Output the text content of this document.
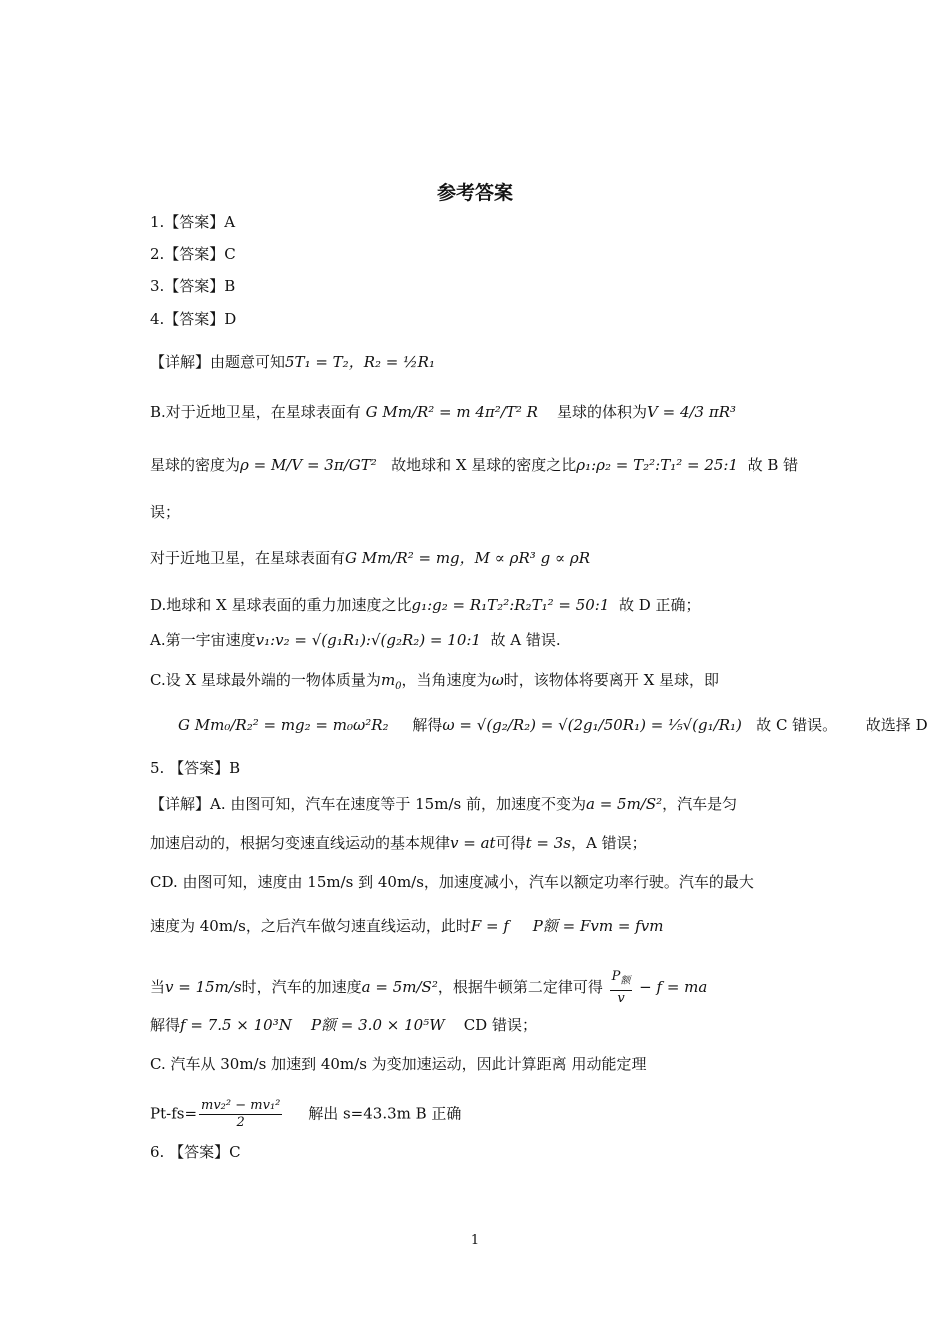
参考答案
1.【答案】A
2.【答案】C
3.【答案】B
4.【答案】D
【详解】由题意可知5T₁ = T₂，R₂ = ½R₁
B.对于近地卫星，在星球表面有 G Mm/R² = m 4π²/T² R 星球的体积为V = 4/3 πR³
星球的密度为ρ = M/V = 3π/GT² 故地球和 X 星球的密度之比ρ₁:ρ₂ = T₂²:T₁² = 25:1 故 B 错
误；
对于近地卫星，在星球表面有G Mm/R² = mg，M ∝ ρR³ g ∝ ρR
D.地球和 X 星球表面的重力加速度之比g₁:g₂ = R₁T₂²:R₂T₁² = 50:1 故 D 正确；
A.第一宇宙速度v₁:v₂ = √(g₁R₁):√(g₂R₂) = 10:1 故 A 错误.
C.设 X 星球最外端的一物体质量为$m_0$，当角速度为ω时，该物体将要离开 X 星球，即
G Mm₀/R₂² = mg₂ = m₀ω²R₂ 解得ω = √(g₂/R₂) = √(2g₁/50R₁) = ⅕√(g₁/R₁) 故 C 错误。 故选择 D
5. 【答案】B
【详解】A. 由图可知，汽车在速度等于 15m/s 前，加速度不变为a = 5m/S²，汽车是匀
加速启动的，根据匀变速直线运动的基本规律v = at可得t = 3s，A 错误；
CD. 由图可知，速度由 15m/s 到 40m/s，加速度减小，汽车以额定功率行驶。汽车的最大
速度为 40m/s，之后汽车做匀速直线运动，此时F = f P额 = Fvm = fvm
当v = 15m/s时，汽车的加速度a = 5m/S²，根据牛顿第二定律可得 $\frac{P_额}{v} - f$ = ma
解得f = 7.5 × 10³N P额 = 3.0 × 10⁵W CD 错误；
C. 汽车从 30m/s 加速到 40m/s 为变加速运动，因此计算距离 用动能定理
$Pt-fs= \frac{\text{mv₂² − mv₁²}}{2}$ 解出 s=43.3m B 正确
6. 【答案】C
1
